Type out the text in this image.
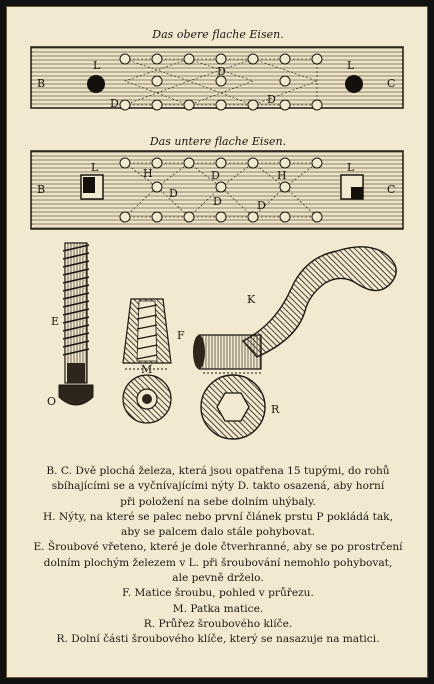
Das obere flache Eisen.
B	C
L	L
D
D	D
Das untere flache Eisen.
B	C
L	L
H	H
D
D
D	D
E
O
F
M
K
R

B. C. Dvě plochá železa, která jsou opatřena 15 tupými, do rohů

sbíhajícími se a vyčnívajícími nýty D. takto osazená, aby horní

při položení na sebe dolním uhýbaly.

H. Nýty, na které se palec nebo první článek prstu P pokládá tak,

aby se palcem dalo stále pohybovat.

E. Šroubové vřeteno, které je dole čtverhranné, aby se po prostrčení

dolním plochým železem v L. při šroubování nemohlo pohybovat,

ale pevně drželo.

F. Matice šroubu, pohled v průřezu.

M. Patka matice.

R. Průřez šroubového klíče.

R. Dolní části šroubového klíče, který se nasazuje na matici.
